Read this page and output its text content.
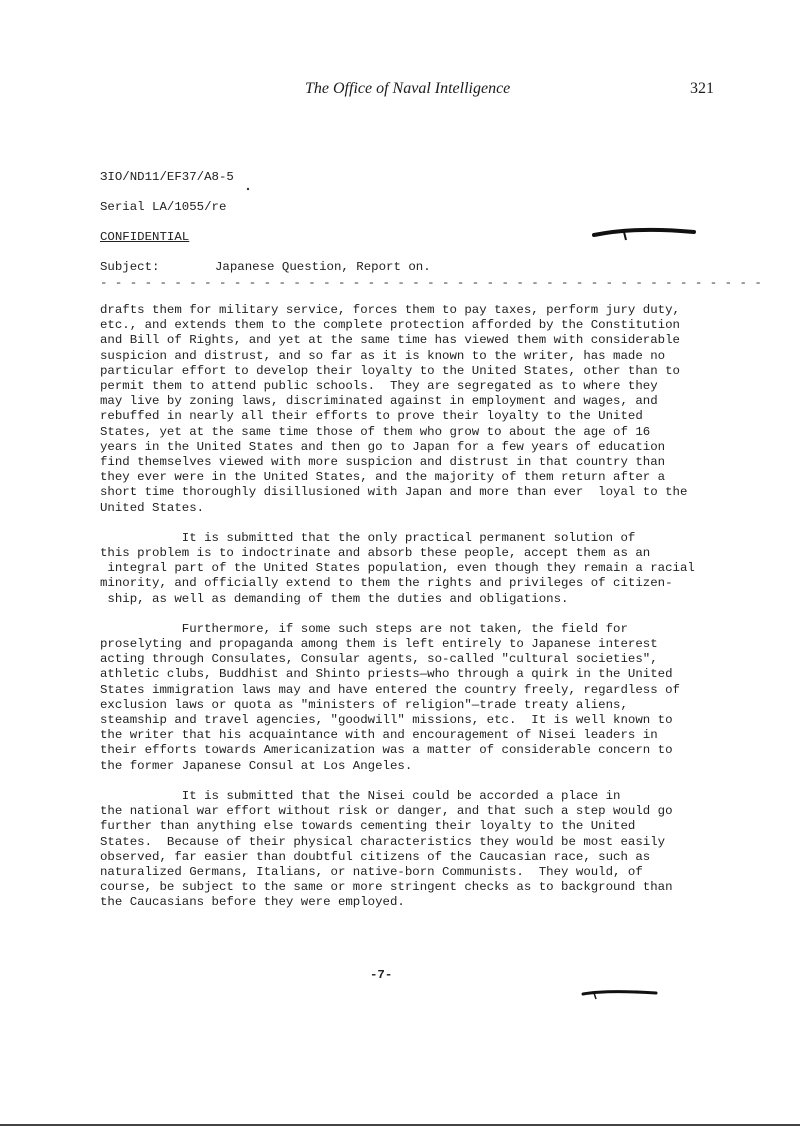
The Office of Naval Intelligence	321
ЗIO/ND11/EF37/A8-5
Serial LA/1055/re
CONFIDENTIAL

Subject:

	Japanese Question, Report on.

- - - - - - - - - - - - - - - - - - - - - - - - - - - - - - - - - - - - - - - - - - - - -

drafts them for military service, forces them to pay taxes, perform jury duty,

etc., and extends them to the complete protection afforded by the Constitution

and Bill of Rights, and yet at the same time has viewed them with considerable

suspicion and distrust, and so far as it is known to the writer, has made no

particular effort to develop their loyalty to the United States, other than to

permit them to attend public schools.  They are segregated as to where they

may live by zoning laws, discriminated against in employment and wages, and

rebuffed in nearly all their efforts to prove their loyalty to the United

States, yet at the same time those of them who grow to about the age of 16

years in the United States and then go to Japan for a few years of education

find themselves viewed with more suspicion and distrust in that country than

they ever were in the United States, and the majority of them return after a

short time thoroughly disillusioned with Japan and more than ever  loyal to the

United States.

It is submitted that the only practical permanent solution of

this problem is to indoctrinate and absorb these people, accept them as an

integral part of the United States population, even though they remain a racial

minority, and officially extend to them the rights and privileges of citizen-

ship, as well as demanding of them the duties and obligations.

Furthermore, if some such steps are not taken, the field for

proselyting and propaganda among them is left entirely to Japanese interest

acting through Consulates, Consular agents, so-called "cultural societies",

athletic clubs, Buddhist and Shinto priests—who through a quirk in the United

States immigration laws may and have entered the country freely, regardless of

exclusion laws or quota as "ministers of religion"—trade treaty aliens,

steamship and travel agencies, "goodwill" missions, etc.  It is well known to

the writer that his acquaintance with and encouragement of Nisei leaders in

their efforts towards Americanization was a matter of considerable concern to

the former Japanese Consul at Los Angeles.

It is submitted that the Nisei could be accorded a place in

the national war effort without risk or danger, and that such a step would go

further than anything else towards cementing their loyalty to the United

States.  Because of their physical characteristics they would be most easily

observed, far easier than doubtful citizens of the Caucasian race, such as

naturalized Germans, Italians, or native-born Communists.  They would, of

course, be subject to the same or more stringent checks as to background than

the Caucasians before they were employed.

-7-
